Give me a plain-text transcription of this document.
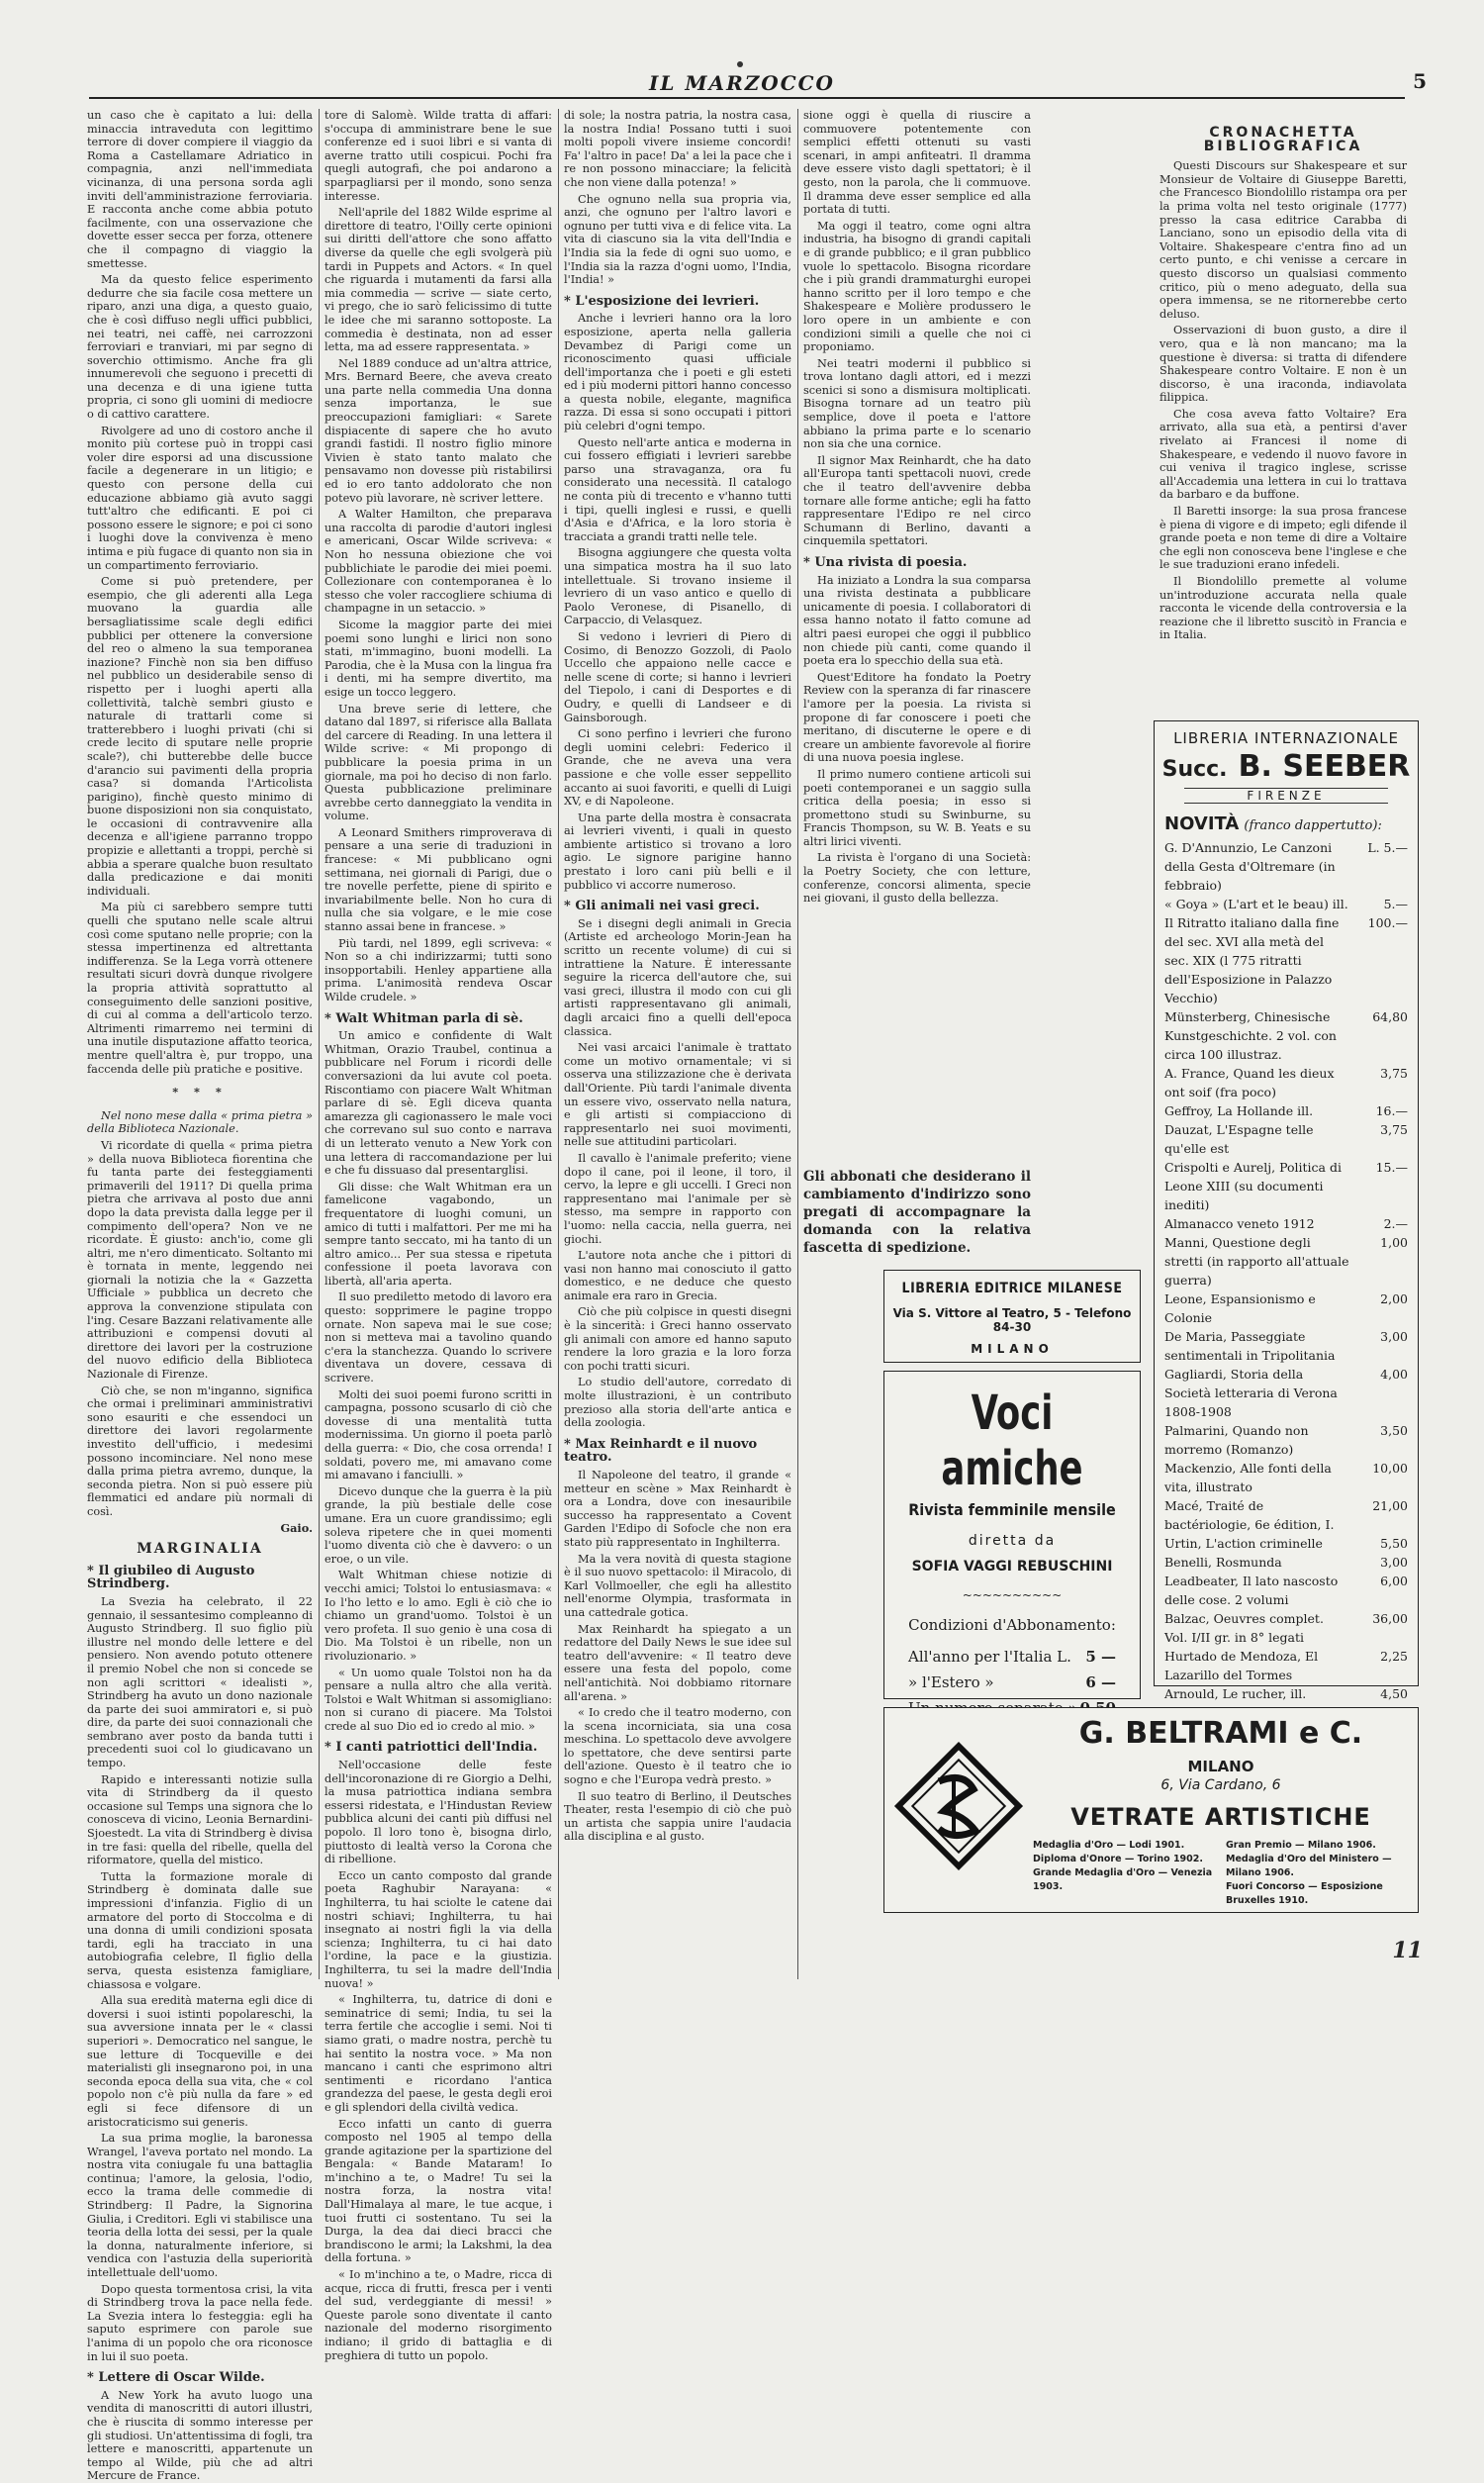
IL MARZOCCO	5

un caso che è capitato a lui: della minaccia intraveduta con legittimo terrore di dover compiere il viaggio da Roma a Castellamare Adriatico in compagnia, anzi nell'immediata vicinanza, di una persona sorda agli inviti dell'amministrazione ferroviaria. E racconta anche come abbia potuto facilmente, con una osservazione che dovette esser secca per forza, ottenere che il compagno di viaggio la smettesse.

Ma da questo felice esperimento dedurre che sia facile cosa mettere un riparo, anzi una diga, a questo guaio, che è così diffuso negli uffici pubblici, nei teatri, nei caffè, nei carrozzoni ferroviari e tranviari, mi par segno di soverchio ottimismo. Anche fra gli innumerevoli che seguono i precetti di una decenza e di una igiene tutta propria, ci sono gli uomini di mediocre o di cattivo carattere.

Rivolgere ad uno di costoro anche il monito più cortese può in troppi casi voler dire esporsi ad una discussione facile a degenerare in un litigio; e questo con persone della cui educazione abbiamo già avuto saggi tutt'altro che edificanti. E poi ci possono essere le signore; e poi ci sono i luoghi dove la convivenza è meno intima e più fugace di quanto non sia in un compartimento ferroviario.

Come si può pretendere, per esempio, che gli aderenti alla Lega muovano la guardia alle bersagliatissime scale degli edifici pubblici per ottenere la conversione del reo o almeno la sua temporanea inazione? Finchè non sia ben diffuso nel pubblico un desiderabile senso di rispetto per i luoghi aperti alla collettività, talchè sembri giusto e naturale di trattarli come si tratterebbero i luoghi privati (chi si crede lecito di sputare nelle proprie scale?), chi butterebbe delle bucce d'arancio sui pavimenti della propria casa? si domanda l'Articolista parigino), finchè questo minimo di buone disposizioni non sia conquistato, le occasioni di contravvenire alla decenza e all'igiene parranno troppo propizie e allettanti a troppi, perchè si abbia a sperare qualche buon resultato dalla predicazione e dai moniti individuali.

Ma più ci sarebbero sempre tutti quelli che sputano nelle scale altrui così come sputano nelle proprie; con la stessa impertinenza ed altrettanta indifferenza. Se la Lega vorrà ottenere resultati sicuri dovrà dunque rivolgere la propria attività soprattutto al conseguimento delle sanzioni positive, di cui al comma a dell'articolo terzo. Altrimenti rimarremo nei termini di una inutile disputazione affatto teorica, mentre quell'altra è, pur troppo, una faccenda delle più pratiche e positive.

* * *

Nel nono mese dalla « prima pietra » della Biblioteca Nazionale.

Vi ricordate di quella « prima pietra » della nuova Biblioteca fiorentina che fu tanta parte dei festeggiamenti primaverili del 1911? Di quella prima pietra che arrivava al posto due anni dopo la data prevista dalla legge per il compimento dell'opera? Non ve ne ricordate. È giusto: anch'io, come gli altri, me n'ero dimenticato. Soltanto mi è tornata in mente, leggendo nei giornali la notizia che la « Gazzetta Ufficiale » pubblica un decreto che approva la convenzione stipulata con l'ing. Cesare Bazzani relativamente alle attribuzioni e compensi dovuti al direttore dei lavori per la costruzione del nuovo edificio della Biblioteca Nazionale di Firenze.

Ciò che, se non m'inganno, significa che ormai i preliminari amministrativi sono esauriti e che essendoci un direttore dei lavori regolarmente investito dell'ufficio, i medesimi possono incominciare. Nel nono mese dalla prima pietra avremo, dunque, la seconda pietra. Non si può essere più flemmatici ed andare più normali di così.

Gaio.

MARGINALIA

* Il giubileo di Augusto Strindberg.

La Svezia ha celebrato, il 22 gennaio, il sessantesimo compleanno di Augusto Strindberg. Il suo figlio più illustre nel mondo delle lettere e del pensiero. Non avendo potuto ottenere il premio Nobel che non si concede se non agli scrittori « idealisti », Strindberg ha avuto un dono nazionale da parte dei suoi ammiratori e, si può dire, da parte dei suoi connazionali che sembrano aver posto da banda tutti i precedenti suoi col lo giudicavano un tempo.

Rapido e interessanti notizie sulla vita di Strindberg da il questo occasione sul Temps una signora che lo conosceva di vicino, Leonia Bernardini-Sjoestedt. La vita di Strindberg è divisa in tre fasi: quella del ribelle, quella del riformatore, quella del mistico.

Tutta la formazione morale di Strindberg è dominata dalle sue impressioni d'infanzia. Figlio di un armatore del porto di Stoccolma e di una donna di umili condizioni sposata tardi, egli ha tracciato in una autobiografia celebre, Il figlio della serva, questa esistenza famigliare, chiassosa e volgare.

Alla sua eredità materna egli dice di doversi i suoi istinti popolareschi, la sua avversione innata per le « classi superiori ». Democratico nel sangue, le sue letture di Tocqueville e dei materialisti gli insegnarono poi, in una seconda epoca della sua vita, che « col popolo non c'è più nulla da fare » ed egli si fece difensore di un aristocraticismo sui generis.

La sua prima moglie, la baronessa Wrangel, l'aveva portato nel mondo. La nostra vita coniugale fu una battaglia continua; l'amore, la gelosia, l'odio, ecco la trama delle commedie di Strindberg: Il Padre, la Signorina Giulia, i Creditori. Egli vi stabilisce una teoria della lotta dei sessi, per la quale la donna, naturalmente inferiore, si vendica con l'astuzia della superiorità intellettuale dell'uomo.

Dopo questa tormentosa crisi, la vita di Strindberg trova la pace nella fede. La Svezia intera lo festeggia: egli ha saputo esprimere con parole sue l'anima di un popolo che ora riconosce in lui il suo poeta.

* Lettere di Oscar Wilde.

A New York ha avuto luogo una vendita di manoscritti di autori illustri, che è riuscita di sommo interesse per gli studiosi. Un'attentissima di fogli, tra lettere e manoscritti, appartenute un tempo al Wilde, più che ad altri Mercure de France.

tore di Salomè. Wilde tratta di affari: s'occupa di amministrare bene le sue conferenze ed i suoi libri e si vanta di averne tratto utili cospicui. Pochi fra quegli autografi, che poi andarono a sparpagliarsi per il mondo, sono senza interesse.

Nell'aprile del 1882 Wilde esprime al direttore di teatro, l'Oilly certe opinioni sui diritti dell'attore che sono affatto diverse da quelle che egli svolgerà più tardi in Puppets and Actors. « In quel che riguarda i mutamenti da farsi alla mia commedia — scrive — siate certo, vi prego, che io sarò felicissimo di tutte le idee che mi saranno sottoposte. La commedia è destinata, non ad esser letta, ma ad essere rappresentata. »

Nel 1889 conduce ad un'altra attrice, Mrs. Bernard Beere, che aveva creato una parte nella commedia Una donna senza importanza, le sue preoccupazioni famigliari: « Sarete dispiacente di sapere che ho avuto grandi fastidi. Il nostro figlio minore Vivien è stato tanto malato che pensavamo non dovesse più ristabilirsi ed io ero tanto addolorato che non potevo più lavorare, nè scriver lettere.

A Walter Hamilton, che preparava una raccolta di parodie d'autori inglesi e americani, Oscar Wilde scriveva: « Non ho nessuna obiezione che voi pubblichiate le parodie dei miei poemi. Collezionare con contemporanea è lo stesso che voler raccogliere schiuma di champagne in un setaccio. »

Sicome la maggior parte dei miei poemi sono lunghi e lirici non sono stati, m'immagino, buoni modelli. La Parodia, che è la Musa con la lingua fra i denti, mi ha sempre divertito, ma esige un tocco leggero.

Una breve serie di lettere, che datano dal 1897, si riferisce alla Ballata del carcere di Reading. In una lettera il Wilde scrive: « Mi propongo di pubblicare la poesia prima in un giornale, ma poi ho deciso di non farlo. Questa pubblicazione preliminare avrebbe certo danneggiato la vendita in volume.

A Leonard Smithers rimproverava di pensare a una serie di traduzioni in francese: « Mi pubblicano ogni settimana, nei giornali di Parigi, due o tre novelle perfette, piene di spirito e invariabilmente belle. Non ho cura di nulla che sia volgare, e le mie cose stanno assai bene in francese. »

Più tardi, nel 1899, egli scriveva: « Non so a chi indirizzarmi; tutti sono insopportabili. Henley appartiene alla prima. L'animosità rendeva Oscar Wilde crudele. »

* Walt Whitman parla di sè.

Un amico e confidente di Walt Whitman, Orazio Traubel, continua a pubblicare nel Forum i ricordi delle conversazioni da lui avute col poeta. Riscontiamo con piacere Walt Whitman parlare di sè. Egli diceva quanta amarezza gli cagionassero le male voci che correvano sul suo conto e narrava di un letterato venuto a New York con una lettera di raccomandazione per lui e che fu dissuaso dal presentarglisi.

Gli disse: che Walt Whitman era un famelicone vagabondo, un frequentatore di luoghi comuni, un amico di tutti i malfattori. Per me mi ha sempre tanto seccato, mi ha tanto di un altro amico... Per sua stessa e ripetuta confessione il poeta lavorava con libertà, all'aria aperta.

Il suo prediletto metodo di lavoro era questo: sopprimere le pagine troppo ornate. Non sapeva mai le sue cose; non si metteva mai a tavolino quando c'era la stanchezza. Quando lo scrivere diventava un dovere, cessava di scrivere.

Molti dei suoi poemi furono scritti in campagna, possono scusarlo di ciò che dovesse di una mentalità tutta modernissima. Un giorno il poeta parlò della guerra: « Dio, che cosa orrenda! I soldati, povero me, mi amavano come mi amavano i fanciulli. »

Dicevo dunque che la guerra è la più grande, la più bestiale delle cose umane. Era un cuore grandissimo; egli soleva ripetere che in quei momenti l'uomo diventa ciò che è davvero: o un eroe, o un vile.

Walt Whitman chiese notizie di vecchi amici; Tolstoi lo entusiasmava: « Io l'ho letto e lo amo. Egli è ciò che io chiamo un grand'uomo. Tolstoi è un vero profeta. Il suo genio è una cosa di Dio. Ma Tolstoi è un ribelle, non un rivoluzionario. »

« Un uomo quale Tolstoi non ha da pensare a nulla altro che alla verità. Tolstoi e Walt Whitman si assomigliano: non si curano di piacere. Ma Tolstoi crede al suo Dio ed io credo al mio. »

* I canti patriottici dell'India.

Nell'occasione delle feste dell'incoronazione di re Giorgio a Delhi, la musa patriottica indiana sembra essersi ridestata, e l'Hindustan Review pubblica alcuni dei canti più diffusi nel popolo. Il loro tono è, bisogna dirlo, piuttosto di lealtà verso la Corona che di ribellione.

Ecco un canto composto dal grande poeta Raghubir Narayana: « Inghilterra, tu hai sciolte le catene dai nostri schiavi; Inghilterra, tu hai insegnato ai nostri figli la via della scienza; Inghilterra, tu ci hai dato l'ordine, la pace e la giustizia. Inghilterra, tu sei la madre dell'India nuova! »

« Inghilterra, tu, datrice di doni e seminatrice di semi; India, tu sei la terra fertile che accoglie i semi. Noi ti siamo grati, o madre nostra, perchè tu hai sentito la nostra voce. » Ma non mancano i canti che esprimono altri sentimenti e ricordano l'antica grandezza del paese, le gesta degli eroi e gli splendori della civiltà vedica.

Ecco infatti un canto di guerra composto nel 1905 al tempo della grande agitazione per la spartizione del Bengala: « Bande Mataram! Io m'inchino a te, o Madre! Tu sei la nostra forza, la nostra vita! Dall'Himalaya al mare, le tue acque, i tuoi frutti ci sostentano. Tu sei la Durga, la dea dai dieci bracci che brandiscono le armi; la Lakshmi, la dea della fortuna. »

« Io m'inchino a te, o Madre, ricca di acque, ricca di frutti, fresca per i venti del sud, verdeggiante di messi! » Queste parole sono diventate il canto nazionale del moderno risorgimento indiano; il grido di battaglia e di preghiera di tutto un popolo.

di sole; la nostra patria, la nostra casa, la nostra India! Possano tutti i suoi molti popoli vivere insieme concordi! Fa' l'altro in pace! Da' a lei la pace che i re non possono minacciare; la felicità che non viene dalla potenza! »

Che ognuno nella sua propria via, anzi, che ognuno per l'altro lavori e ognuno per tutti viva e di felice vita. La vita di ciascuno sia la vita dell'India e l'India sia la fede di ogni suo uomo, e l'India sia la razza d'ogni uomo, l'India, l'India! »

* L'esposizione dei levrieri.

Anche i levrieri hanno ora la loro esposizione, aperta nella galleria Devambez di Parigi come un riconoscimento quasi ufficiale dell'importanza che i poeti e gli esteti ed i più moderni pittori hanno concesso a questa nobile, elegante, magnifica razza. Di essa si sono occupati i pittori più celebri d'ogni tempo.

Questo nell'arte antica e moderna in cui fossero effigiati i levrieri sarebbe parso una stravaganza, ora fu considerato una necessità. Il catalogo ne conta più di trecento e v'hanno tutti i tipi, quelli inglesi e russi, e quelli d'Asia e d'Africa, e la loro storia è tracciata a grandi tratti nelle tele.

Bisogna aggiungere che questa volta una simpatica mostra ha il suo lato intellettuale. Si trovano insieme il levriero di un vaso antico e quello di Paolo Veronese, di Pisanello, di Carpaccio, di Velasquez.

Si vedono i levrieri di Piero di Cosimo, di Benozzo Gozzoli, di Paolo Uccello che appaiono nelle cacce e nelle scene di corte; si hanno i levrieri del Tiepolo, i cani di Desportes e di Oudry, e quelli di Landseer e di Gainsborough.

Ci sono perfino i levrieri che furono degli uomini celebri: Federico il Grande, che ne aveva una vera passione e che volle esser seppellito accanto ai suoi favoriti, e quelli di Luigi XV, e di Napoleone.

Una parte della mostra è consacrata ai levrieri viventi, i quali in questo ambiente artistico si trovano a loro agio. Le signore parigine hanno prestato i loro cani più belli e il pubblico vi accorre numeroso.

* Gli animali nei vasi greci.

Se i disegni degli animali in Grecia (Artiste ed archeologo Morin-Jean ha scritto un recente volume) di cui si intrattiene la Nature. È interessante seguire la ricerca dell'autore che, sui vasi greci, illustra il modo con cui gli artisti rappresentavano gli animali, dagli arcaici fino a quelli dell'epoca classica.

Nei vasi arcaici l'animale è trattato come un motivo ornamentale; vi si osserva una stilizzazione che è derivata dall'Oriente. Più tardi l'animale diventa un essere vivo, osservato nella natura, e gli artisti si compiacciono di rappresentarlo nei suoi movimenti, nelle sue attitudini particolari.

Il cavallo è l'animale preferito; viene dopo il cane, poi il leone, il toro, il cervo, la lepre e gli uccelli. I Greci non rappresentano mai l'animale per sè stesso, ma sempre in rapporto con l'uomo: nella caccia, nella guerra, nei giochi.

L'autore nota anche che i pittori di vasi non hanno mai conosciuto il gatto domestico, e ne deduce che questo animale era raro in Grecia.

Ciò che più colpisce in questi disegni è la sincerità: i Greci hanno osservato gli animali con amore ed hanno saputo rendere la loro grazia e la loro forza con pochi tratti sicuri.

Lo studio dell'autore, corredato di molte illustrazioni, è un contributo prezioso alla storia dell'arte antica e della zoologia.

* Max Reinhardt e il nuovo teatro.

Il Napoleone del teatro, il grande « metteur en scène » Max Reinhardt è ora a Londra, dove con inesauribile successo ha rappresentato a Covent Garden l'Edipo di Sofocle che non era stato più rappresentato in Inghilterra.

Ma la vera novità di questa stagione è il suo nuovo spettacolo: il Miracolo, di Karl Vollmoeller, che egli ha allestito nell'enorme Olympia, trasformata in una cattedrale gotica.

Max Reinhardt ha spiegato a un redattore del Daily News le sue idee sul teatro dell'avvenire: « Il teatro deve essere una festa del popolo, come nell'antichità. Noi dobbiamo ritornare all'arena. »

« Io credo che il teatro moderno, con la scena incorniciata, sia una cosa meschina. Lo spettacolo deve avvolgere lo spettatore, che deve sentirsi parte dell'azione. Questo è il teatro che io sogno e che l'Europa vedrà presto. »

Il suo teatro di Berlino, il Deutsches Theater, resta l'esempio di ciò che può un artista che sappia unire l'audacia alla disciplina e al gusto.

sione oggi è quella di riuscire a commuovere potentemente con semplici effetti ottenuti su vasti scenari, in ampi anfiteatri. Il dramma deve essere visto dagli spettatori; è il gesto, non la parola, che li commuove. Il dramma deve esser semplice ed alla portata di tutti.

Ma oggi il teatro, come ogni altra industria, ha bisogno di grandi capitali e di grande pubblico; e il gran pubblico vuole lo spettacolo. Bisogna ricordare che i più grandi drammaturghi europei hanno scritto per il loro tempo e che Shakespeare e Molière produssero le loro opere in un ambiente e con condizioni simili a quelle che noi ci proponiamo.

Nei teatri moderni il pubblico si trova lontano dagli attori, ed i mezzi scenici si sono a dismisura moltiplicati. Bisogna tornare ad un teatro più semplice, dove il poeta e l'attore abbiano la prima parte e lo scenario non sia che una cornice.

Il signor Max Reinhardt, che ha dato all'Europa tanti spettacoli nuovi, crede che il teatro dell'avvenire debba tornare alle forme antiche; egli ha fatto rappresentare l'Edipo re nel circo Schumann di Berlino, davanti a cinquemila spettatori.

* Una rivista di poesia.

Ha iniziato a Londra la sua comparsa una rivista destinata a pubblicare unicamente di poesia. I collaboratori di essa hanno notato il fatto comune ad altri paesi europei che oggi il pubblico non chiede più canti, come quando il poeta era lo specchio della sua età.

Quest'Editore ha fondato la Poetry Review con la speranza di far rinascere l'amore per la poesia. La rivista si propone di far conoscere i poeti che meritano, di discuterne le opere e di creare un ambiente favorevole al fiorire di una nuova poesia inglese.

Il primo numero contiene articoli sui poeti contemporanei e un saggio sulla critica della poesia; in esso si promettono studi su Swinburne, su Francis Thompson, su W. B. Yeats e su altri lirici viventi.

La rivista è l'organo di una Società: la Poetry Society, che con letture, conferenze, concorsi alimenta, specie nei giovani, il gusto della bellezza.

Gli abbonati che desiderano il cambiamento d'indirizzo sono pregati di accompagnare la domanda con la relativa fascetta di spedizione.

LIBRERIA EDITRICE MILANESE
Via S. Vittore al Teatro, 5 - Telefono 84-30
MILANO
Voci amiche
Rivista femminile mensile
diretta da
SOFIA VAGGI REBUSCHINI
~~~~~~~~~~
Condizioni d'Abbonamento:
All'anno per l'Italia L. 5 —
» l'Estero »	6 —

CRONACHETTA BIBLIOGRAFICA

Questi Discours sur Shakespeare et sur Monsieur de Voltaire di Giuseppe Baretti, che Francesco Biondolillo ristampa ora per la prima volta nel testo originale (1777) presso la casa editrice Carabba di Lanciano, sono un episodio della vita di Voltaire. Shakespeare c'entra fino ad un certo punto, e chi venisse a cercare in questo discorso un qualsiasi commento critico, più o meno adeguato, della sua opera immensa, se ne ritornerebbe certo deluso.

Osservazioni di buon gusto, a dire il vero, qua e là non mancano; ma la questione è diversa: si tratta di difendere Shakespeare contro Voltaire. E non è un discorso, è una iraconda, indiavolata filippica.

Che cosa aveva fatto Voltaire? Era arrivato, alla sua età, a pentirsi d'aver rivelato ai Francesi il nome di Shakespeare, e vedendo il nuovo favore in cui veniva il tragico inglese, scrisse all'Accademia una lettera in cui lo trattava da barbaro e da buffone.

Il Baretti insorge: la sua prosa francese è piena di vigore e di impeto; egli difende il grande poeta e non teme di dire a Voltaire che egli non conosceva bene l'inglese e che le sue traduzioni erano infedeli.

Il Biondolillo premette al volume un'introduzione accurata nella quale racconta le vicende della controversia e la reazione che il libretto suscitò in Francia e in Italia.

LIBRERIA INTERNAZIONALE
Succ. B. SEEBER
FIRENZE
NOVITÀ (franco dappertutto):
G. D'Annunzio, Le Canzoni della Gesta d'Oltremare (in febbraio)
L. 5.—
« Goya » (L'art et le beau) ill.	5.—
Il Ritratto italiano dalla fine del sec. XVI alla metà del sec. XIX (l 775 ritratti dell'Esposizione in Palazzo Vecchio)
100.—
Münsterberg, Chinesische Kunstgeschichte. 2 vol. con circa 100 illustraz.
64,80
A. France, Quand les dieux ont soif (fra poco)
3,75
Geffroy, La Hollande ill.	16.—
Dauzat, L'Espagne telle qu'elle est
3,75
Crispolti e Aurelj, Politica di Leone XIII (su documenti inediti)
15.—
Almanacco veneto 1912	2.—
Manni, Questione degli stretti (in rapporto all'attuale guerra)
1,00
Leone, Espansionismo e Colonie
2,00
De Maria, Passeggiate sentimentali in Tripolitania
3,00
Gagliardi, Storia della Società letteraria di Verona 1808-1908
4,00
Palmarini, Quando non morremo (Romanzo)
3,50
Mackenzio, Alle fonti della vita, illustrato
10,00
Macé, Traité de bactériologie, 6e édition, I.
21,00
Urtin, L'action criminelle	5,50
Benelli, Rosmunda	3,00
Leadbeater, Il lato nascosto delle cose. 2 volumi
6,00
Balzac, Oeuvres complet. Vol. I/II gr. in 8° legati
36,00
Hurtado de Mendoza, El Lazarillo del Tormes
2,25
Arnould, Le rucher, ill.	4,50
G. BELTRAMI e C.
MILANO
6, Via Cardano, 6
VETRATE ARTISTICHE
Medaglia d'Oro — Lodi 1901.
Diploma d'Onore — Torino 1902.
Grande Medaglia d'Oro — Venezia 1903.
Gran Premio — Milano 1906.
Medaglia d'Oro del Ministero — Milano 1906.
Fuori Concorso — Esposizione Bruxelles 1910.
11
